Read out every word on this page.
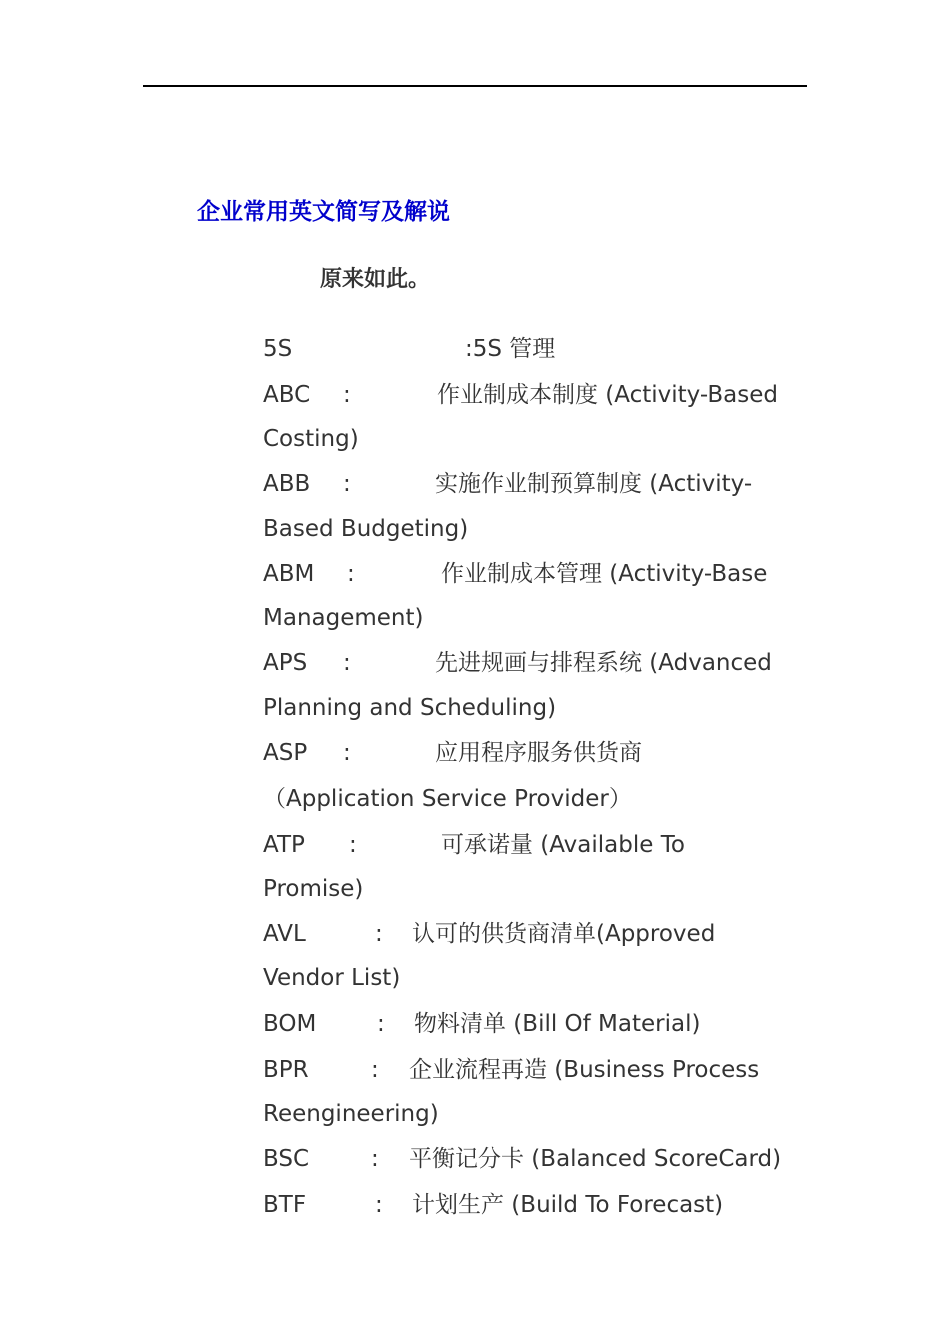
企业常用英文简写及解说
原来如此。
5S	:5S 管理
ABC :	作业制成本制度 (Activity-Based
Costing)
ABB :	实施作业制预算制度 (Activity-
Based Budgeting)
ABM :	作业制成本管理 (Activity-Base
Management)
APS :	先进规画与排程系统 (Advanced
Planning and Scheduling)
ASP :	应用程序服务供货商
（Application Service Provider）
ATP :	可承诺量 (Available To
Promise)
AVL	: 认可的供货商清单(Approved
Vendor List)
BOM	: 物料清单 (Bill Of Material)
BPR	: 企业流程再造 (Business Process
Reengineering)
BSC	: 平衡记分卡 (Balanced ScoreCard)
BTF	: 计划生产 (Build To Forecast)
